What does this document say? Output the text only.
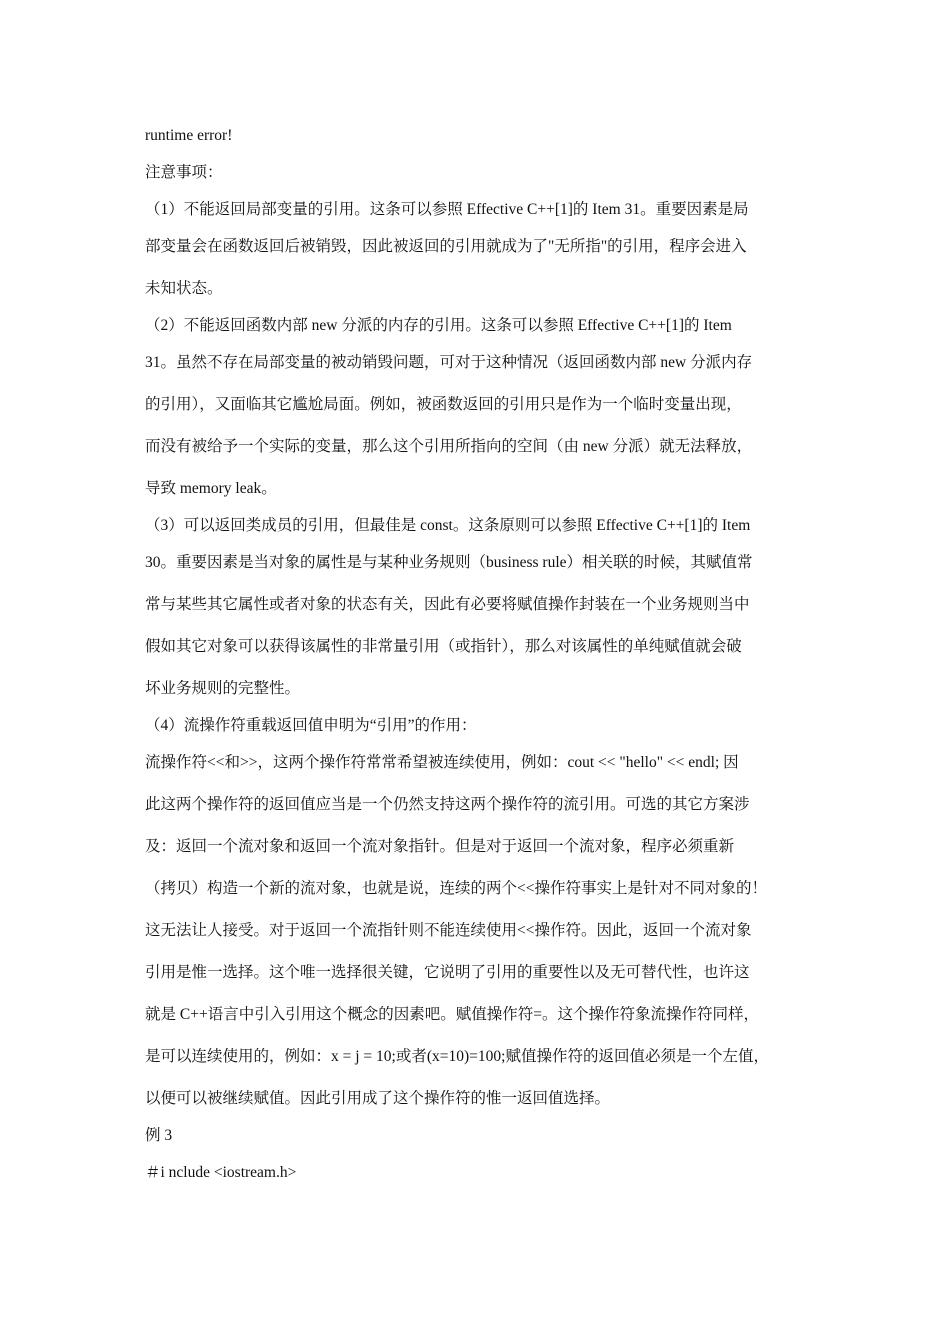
runtime error!

注意事项：

（1）不能返回局部变量的引用。这条可以参照 Effective C++[1]的 Item 31。重要因素是局

部变量会在函数返回后被销毁，因此被返回的引用就成为了"无所指"的引用，程序会进入

未知状态。

（2）不能返回函数内部 new 分派的内存的引用。这条可以参照 Effective C++[1]的 Item

31。虽然不存在局部变量的被动销毁问题，可对于这种情况（返回函数内部 new 分派内存

的引用），又面临其它尴尬局面。例如，被函数返回的引用只是作为一个临时变量出现，

而没有被给予一个实际的变量，那么这个引用所指向的空间（由 new 分派）就无法释放，

导致 memory leak。

（3）可以返回类成员的引用，但最佳是 const。这条原则可以参照 Effective C++[1]的 Item

30。重要因素是当对象的属性是与某种业务规则（business rule）相关联的时候，其赋值常

常与某些其它属性或者对象的状态有关，因此有必要将赋值操作封装在一个业务规则当中

假如其它对象可以获得该属性的非常量引用（或指针），那么对该属性的单纯赋值就会破

坏业务规则的完整性。

（4）流操作符重载返回值申明为“引用”的作用：

流操作符<<和>>，这两个操作符常常希望被连续使用，例如：cout << "hello" << endl; 因

此这两个操作符的返回值应当是一个仍然支持这两个操作符的流引用。可选的其它方案涉

及：返回一个流对象和返回一个流对象指针。但是对于返回一个流对象，程序必须重新

（拷贝）构造一个新的流对象，也就是说，连续的两个<<操作符事实上是针对不同对象的！

这无法让人接受。对于返回一个流指针则不能连续使用<<操作符。因此，返回一个流对象

引用是惟一选择。这个唯一选择很关键，它说明了引用的重要性以及无可替代性，也许这

就是 C++语言中引入引用这个概念的因素吧。赋值操作符=。这个操作符象流操作符同样，

是可以连续使用的，例如：x = j = 10;或者(x=10)=100;赋值操作符的返回值必须是一个左值，

以便可以被继续赋值。因此引用成了这个操作符的惟一返回值选择。

例 3

＃i nclude <iostream.h>
